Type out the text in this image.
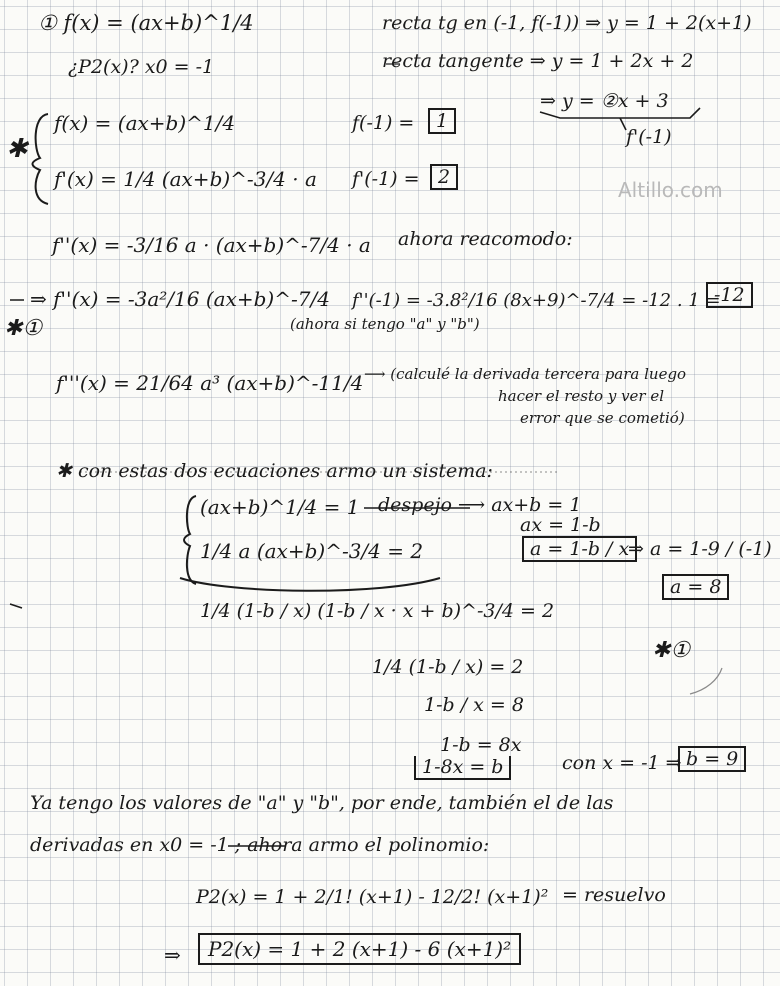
Altillo.com
① f(x) = (ax+b)^1/4	recta tg en (-1, f(-1)) ⇒ y = 1 + 2(x+1)
¿P2(x)? x0 = -1	recta tangente ⇒ y = 1 + 2x + 2
⇒ y = ②x + 3
f'(-1)
✱
f(x) = (ax+b)^1/4	f(-1) =	1
f'(x) = 1/4 (ax+b)^-3/4 · a f'(-1) = 2
f''(x) = -3/16 a · (ax+b)^-7/4 · a ahora reacomodo:
⇒ f''(x) = -3a²/16 (ax+b)^-7/4 f''(-1) = -3.8²/16 (8x+9)^-7/4 = -12 . 1 =
-12
(ahora si tengo "a" y "b")
✱①
f'''(x) = 21/64 a³ (ax+b)^-11/4 ⟶ (calculé la derivada tercera para luego
hacer el resto y ver el
error que se cometió)
✱ con estas dos ecuaciones armo un sistema:
(ax+b)^1/4 = 1 despejo ⟶ ax+b = 1
ax = 1-b
1/4 a (ax+b)^-3/4 = 2	a = 1-b / x
⇒ a = 1-9 / (-1)
a = 8
1/4 (1-b / x) (1-b / x · x + b)^-3/4 = 2
✱①
1/4 (1-b / x) = 2
1-b / x = 8
1-b = 8x
1-8x = b	con x = -1 ⇒ b = 9
Ya tengo los valores de "a" y "b", por ende, también el de las
derivadas en x0 = -1 ; ahora armo el polinomio:
P2(x) = 1 + 2/1! (x+1) - 12/2! (x+1)² = resuelvo
⇒	P2(x) = 1 + 2 (x+1) - 6 (x+1)²
